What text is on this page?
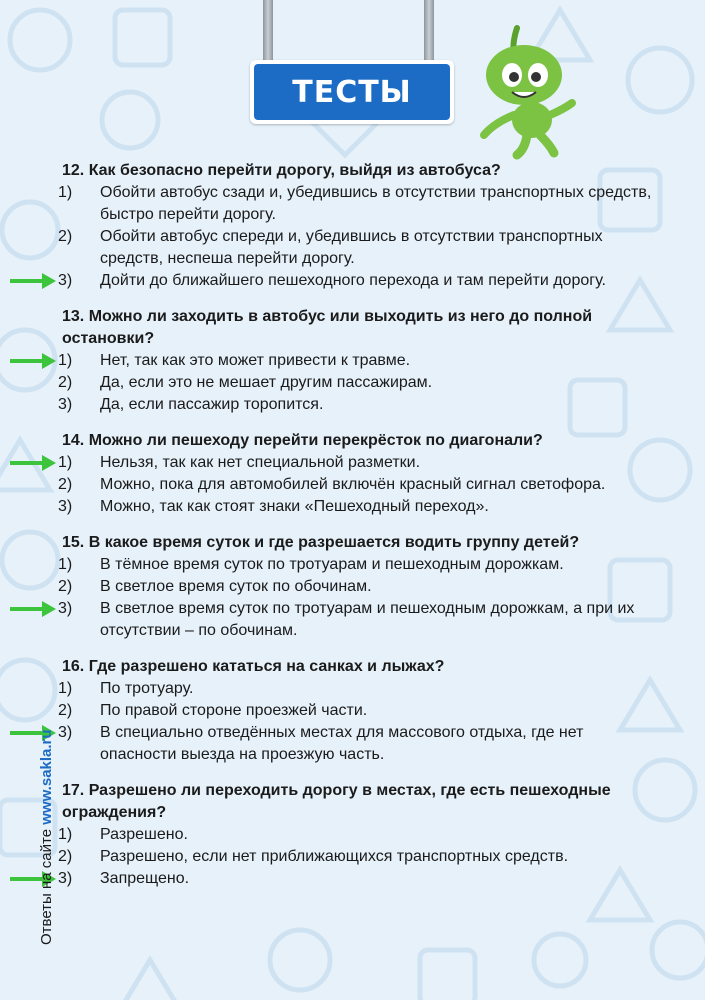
ТЕСТЫ

12. Как безопасно перейти дорогу, выйдя из автобуса?

1) Обойти автобус сзади и, убедившись в отсутствии транспортных средств, быстро перейти дорогу.
2) Обойти автобус спереди и, убедившись в отсутствии транспортных средств, неспеша перейти дорогу.
3) Дойти до ближайшего пешеходного перехода и там перейти дорогу.

13. Можно ли заходить в автобус или выходить из него до полной остановки?

1) Нет, так как это может привести к травме.
2) Да, если это не мешает другим пассажирам.
3) Да, если пассажир торопится.

14. Можно ли пешеходу перейти перекрёсток по диагонали?

1) Нельзя, так как нет специальной разметки.
2) Можно, пока для автомобилей включён красный сигнал светофора.
3) Можно, так как стоят знаки «Пешеходный переход».

15. В какое время суток и где разрешается водить группу детей?

1) В тёмное время суток по тротуарам и пешеходным дорожкам.
2) В светлое время суток по обочинам.
3) В светлое время суток по тротуарам и пешеходным дорожкам, а при их отсутствии – по обочинам.

16. Где разрешено кататься на санках и лыжах?

1) По тротуару.
2) По правой стороне проезжей части.
3) В специально отведённых местах для массового отдыха, где нет опасности выезда на проезжую часть.

17. Разрешено ли переходить дорогу в местах, где есть пешеходные ограждения?

1) Разрешено.
2) Разрешено, если нет приближающихся транспортных средств.
3) Запрещено.
Ответы на сайте www.sakla.ru
